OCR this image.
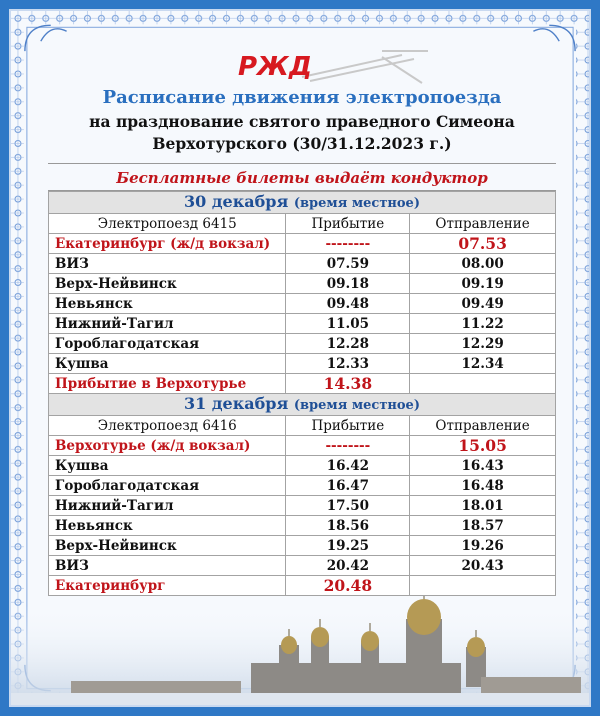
РЖД
Расписание движения электропоезда
на празднование святого праведного Симеона
Верхотурского (30/31.12.2023 г.)
Бесплатные билеты выдаёт кондуктор
30 декабря (время местное)		
Электропоезд 6415	Прибытие	Отправление
Екатеринбург (ж/д вокзал)	--------	07.53
ВИЗ	07.59	08.00
Верх-Нейвинск	09.18	09.19
Невьянск	09.48	09.49
Нижний-Тагил	11.05	11.22
Гороблагодатская	12.28	12.29
Кушва	12.33	12.34
Прибытие в Верхотурье	14.38	
31 декабря (время местное)		
Электропоезд 6416	Прибытие	Отправление
Верхотурье (ж/д вокзал)	--------	15.05
Кушва	16.42	16.43
Гороблагодатская	16.47	16.48
Нижний-Тагил	17.50	18.01
Невьянск	18.56	18.57
Верх-Нейвинск	19.25	19.26
ВИЗ	20.42	20.43
Екатеринбург	20.48	
